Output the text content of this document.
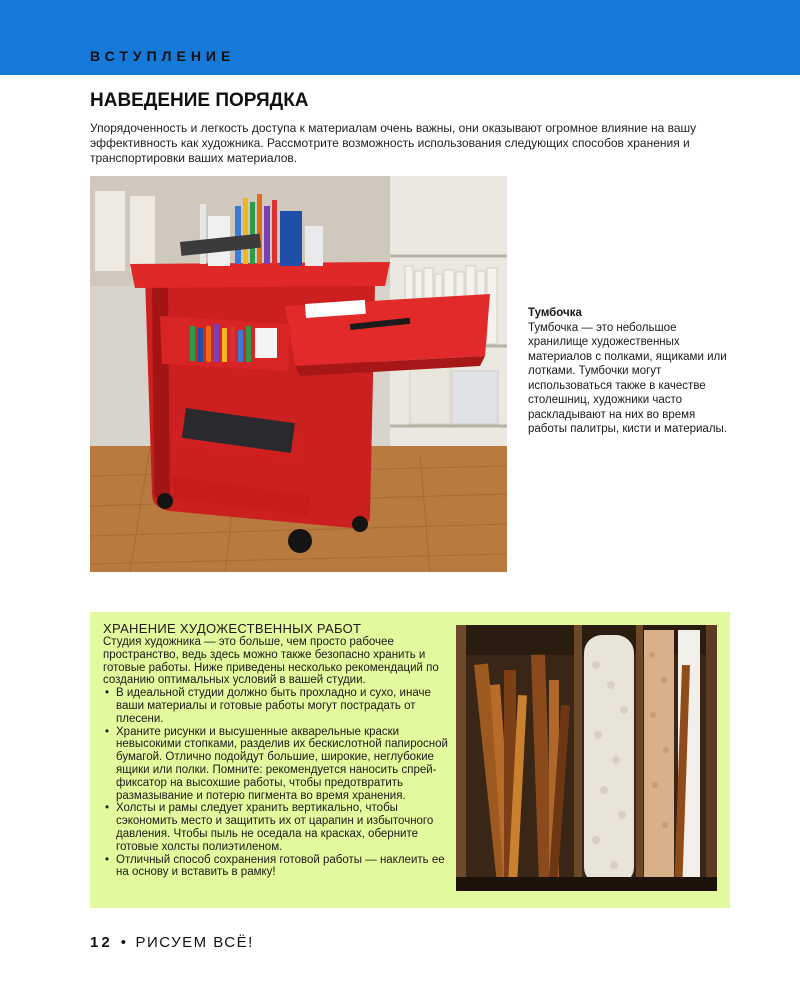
ВСТУПЛЕНИЕ
НАВЕДЕНИЕ ПОРЯДКА

Упорядоченность и легкость доступа к материалам очень важны, они оказывают огромное влияние на вашу эффективность как художника. Рассмотрите возможность использования следующих способов хранения и транспортировки ваших материалов.

Тумбочка
Тумбочка — это небольшое хранилище художественных материалов с полками, ящиками или лотками. Тумбочки могут использоваться также в качестве столешниц, художники часто раскладывают на них во время работы палитры, кисти и материалы.
ХРАНЕНИЕ ХУДОЖЕСТВЕННЫХ РАБОТ

Студия художника — это больше, чем просто рабочее пространство, ведь здесь можно также безопасно хранить и готовые работы. Ниже приведены несколько рекомендаций по созданию оптимальных условий в вашей студии.

• В идеальной студии должно быть прохладно и сухо, иначе ваши материалы и готовые работы могут пострадать от плесени.
• Храните рисунки и высушенные акварельные краски невысокими стопками, разделив их бескислотной папиросной бумагой. Отлично подойдут большие, широкие, неглубокие ящики или полки. Помните: рекомендуется наносить спрей-фиксатор на высохшие работы, чтобы предотвратить размазывание и потерю пигмента во время хранения.
• Холсты и рамы следует хранить вертикально, чтобы сэкономить место и защитить их от царапин и избыточного давления. Чтобы пыль не оседала на красках, оберните готовые холсты полиэтиленом.
• Отличный способ сохранения готовой работы — наклеить ее на основу и вставить в рамку!
12 • РИСУЕМ ВСЁ!
